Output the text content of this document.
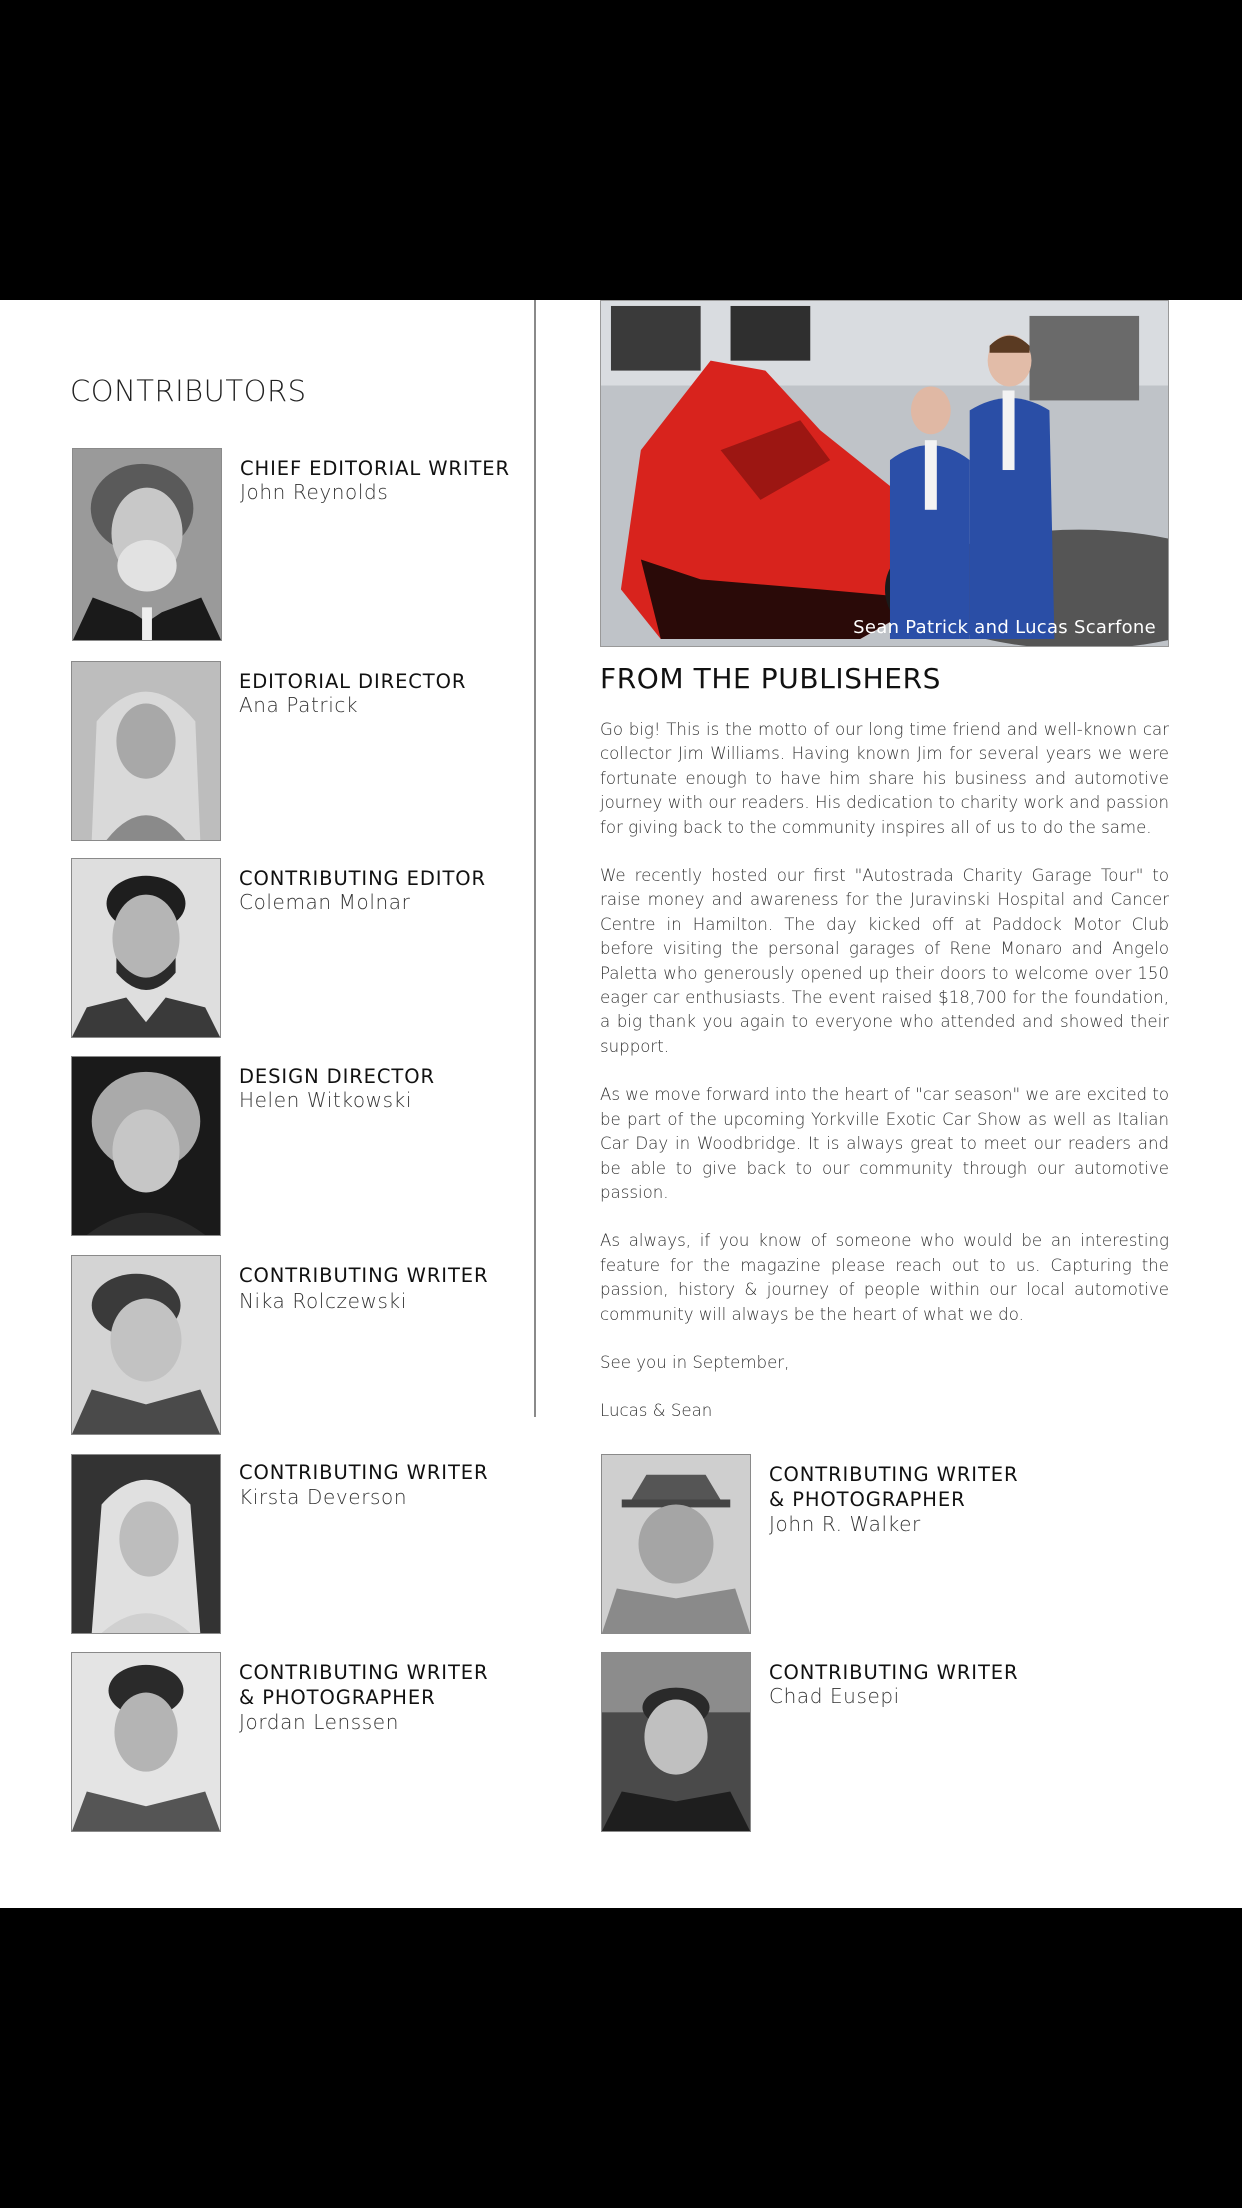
CONTRIBUTORS
CHIEF EDITORIAL WRITER
John Reynolds
EDITORIAL DIRECTOR
Ana Patrick
CONTRIBUTING EDITOR
Coleman Molnar
DESIGN DIRECTOR
Helen Witkowski
CONTRIBUTING WRITER
Nika Rolczewski
CONTRIBUTING WRITER
Kirsta Deverson
CONTRIBUTING WRITER
& PHOTOGRAPHER
Jordan Lenssen
CONTRIBUTING WRITER
& PHOTOGRAPHER
John R. Walker
CONTRIBUTING WRITER
Chad Eusepi
Sean Patrick and Lucas Scarfone
FROM THE PUBLISHERS

Go big! This is the motto of our long time friend and well-known car collector Jim Williams. Having known Jim for several years we were fortunate enough to have him share his business and automotive journey with our readers. His dedication to charity work and passion for giving back to the community inspires all of us to do the same.

We recently hosted our first "Autostrada Charity Garage Tour" to raise money and awareness for the Juravinski Hospital and Cancer Centre in Hamilton. The day kicked off at Paddock Motor Club before visiting the personal garages of Rene Monaro and Angelo Paletta who generously opened up their doors to welcome over 150 eager car enthusiasts. The event raised $18,700 for the foundation, a big thank you again to everyone who attended and showed their support.

As we move forward into the heart of "car season" we are excited to be part of the upcoming Yorkville Exotic Car Show as well as Italian Car Day in Woodbridge. It is always great to meet our readers and be able to give back to our community through our automotive passion.

As always, if you know of someone who would be an interesting feature for the magazine please reach out to us. Capturing the passion, history & journey of people within our local automotive community will always be the heart of what we do.

See you in September,

Lucas & Sean
